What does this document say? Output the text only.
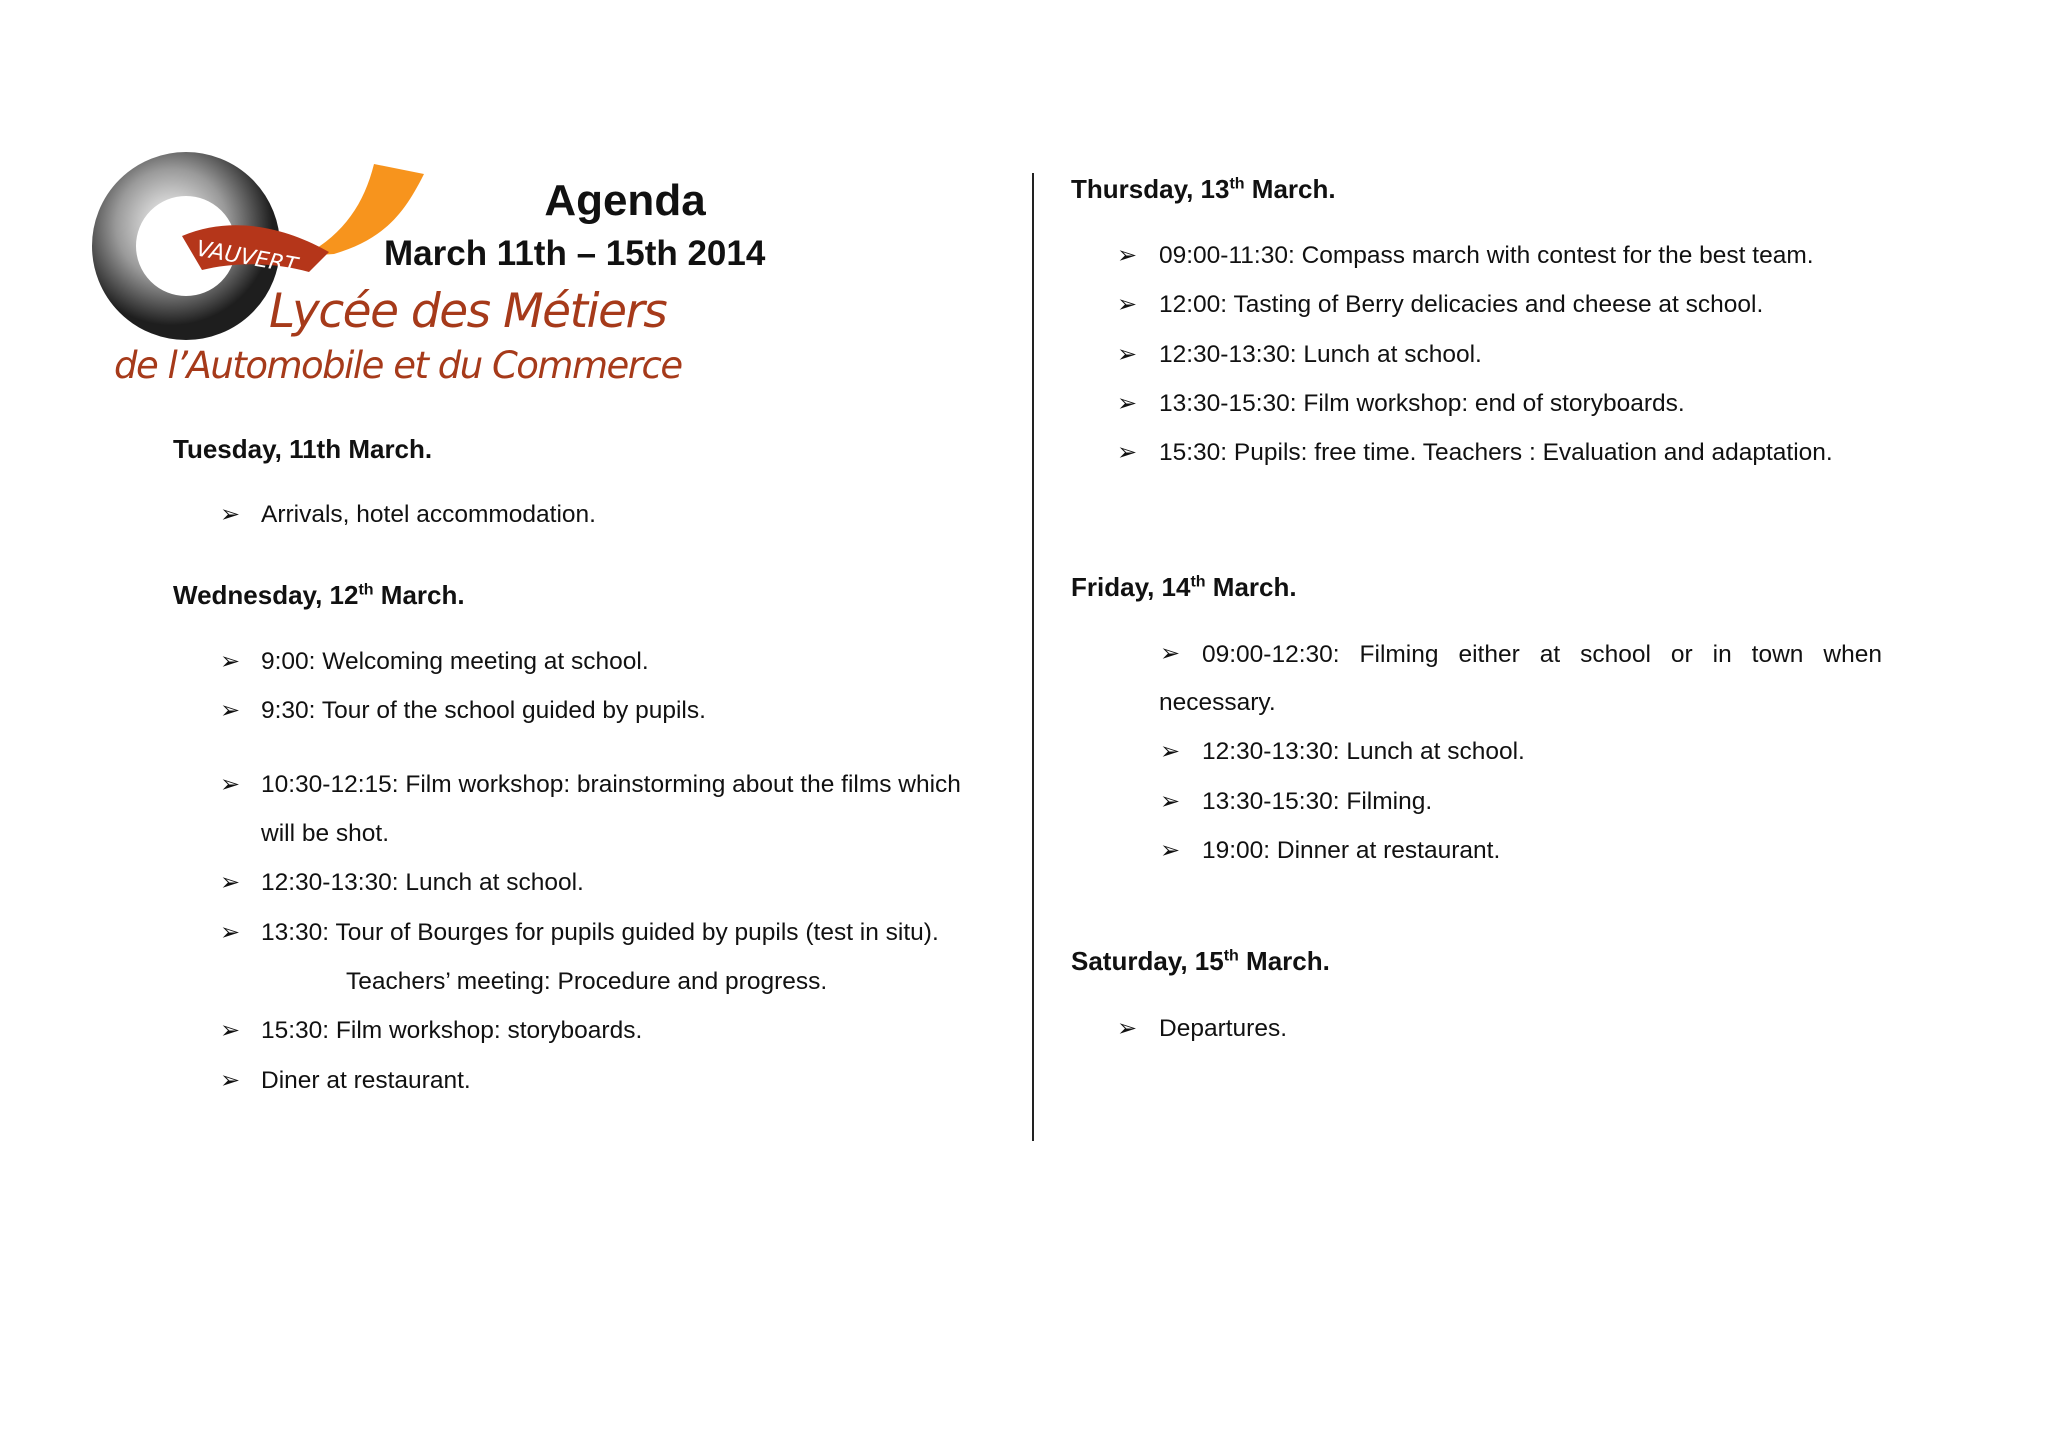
VAUVERT
Lycée des Métiers
de l’Automobile et du Commerce
Agenda
March 11th – 15th 2014
Tuesday, 11th March.
➢ Arrivals, hotel accommodation.
Wednesday, 12th March.
➢ 9:00: Welcoming meeting at school.
➢ 9:30: Tour of the school guided by pupils.
➢ 10:30-12:15: Film workshop: brainstorming about the films which
will be shot.
➢ 12:30-13:30: Lunch at school.
➢ 13:30: Tour of Bourges for pupils guided by pupils (test in situ).
Teachers’ meeting: Procedure and progress.
➢ 15:30: Film workshop: storyboards.
➢ Diner at restaurant.
Thursday, 13th March.
➢ 09:00-11:30: Compass march with contest for the best team.
➢ 12:00: Tasting of Berry delicacies and cheese at school.
➢ 12:30-13:30: Lunch at school.
➢ 13:30-15:30: Film workshop: end of storyboards.
➢ 15:30: Pupils: free time. Teachers : Evaluation and adaptation.
Friday, 14th March.
➢ 09:00-12:30: Filming either at school or in town when
necessary.
➢ 12:30-13:30: Lunch at school.
➢ 13:30-15:30: Filming.
➢ 19:00: Dinner at restaurant.
Saturday, 15th March.
➢ Departures.
